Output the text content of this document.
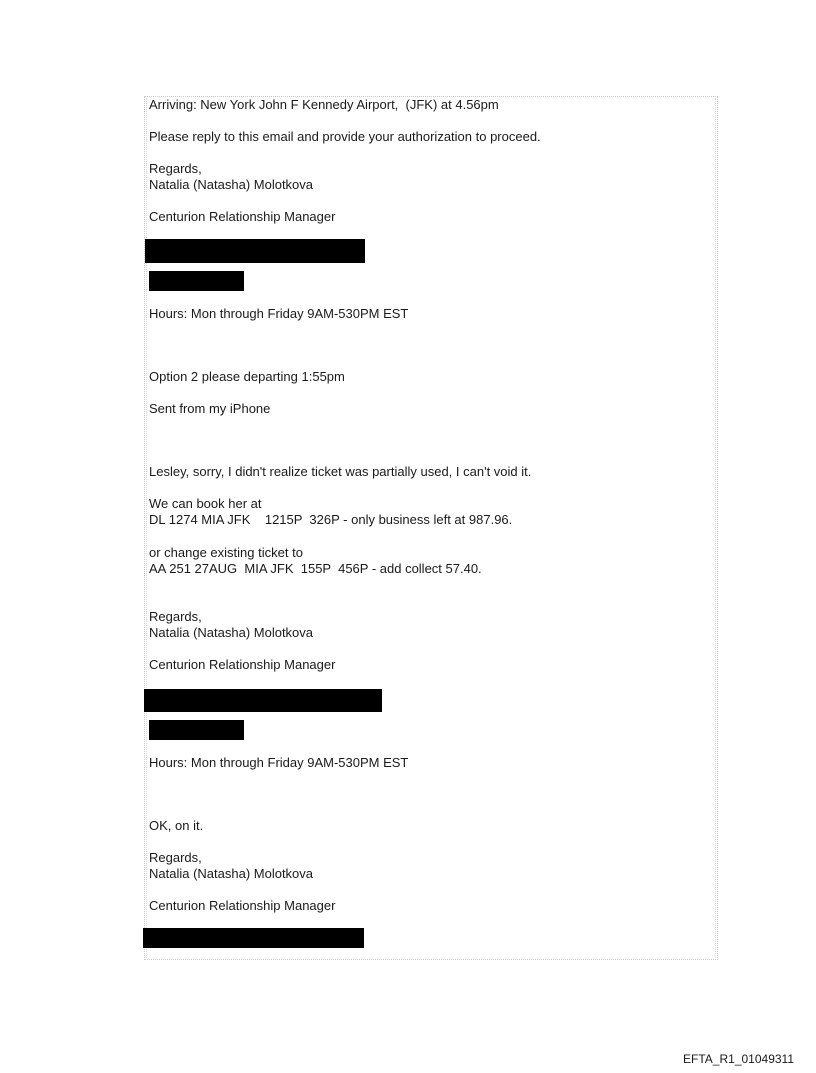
Arriving: New York John F Kennedy Airport,  (JFK) at 4.56pm
Please reply to this email and provide your authorization to proceed.
Regards,
Natalia (Natasha) Molotkova
Centurion Relationship Manager
Hours: Mon through Friday 9AM-530PM EST
Option 2 please departing 1:55pm
Sent from my iPhone
Lesley, sorry, I didn't realize ticket was partially used, I can't void it.
We can book her at
DL 1274 MIA JFK    1215P  326P - only business left at 987.96.
or change existing ticket to
AA 251 27AUG  MIA JFK  155P  456P - add collect 57.40.
Regards,
Natalia (Natasha) Molotkova
Centurion Relationship Manager
Hours: Mon through Friday 9AM-530PM EST
OK, on it.
Regards,
Natalia (Natasha) Molotkova
Centurion Relationship Manager
EFTA_R1_01049311
